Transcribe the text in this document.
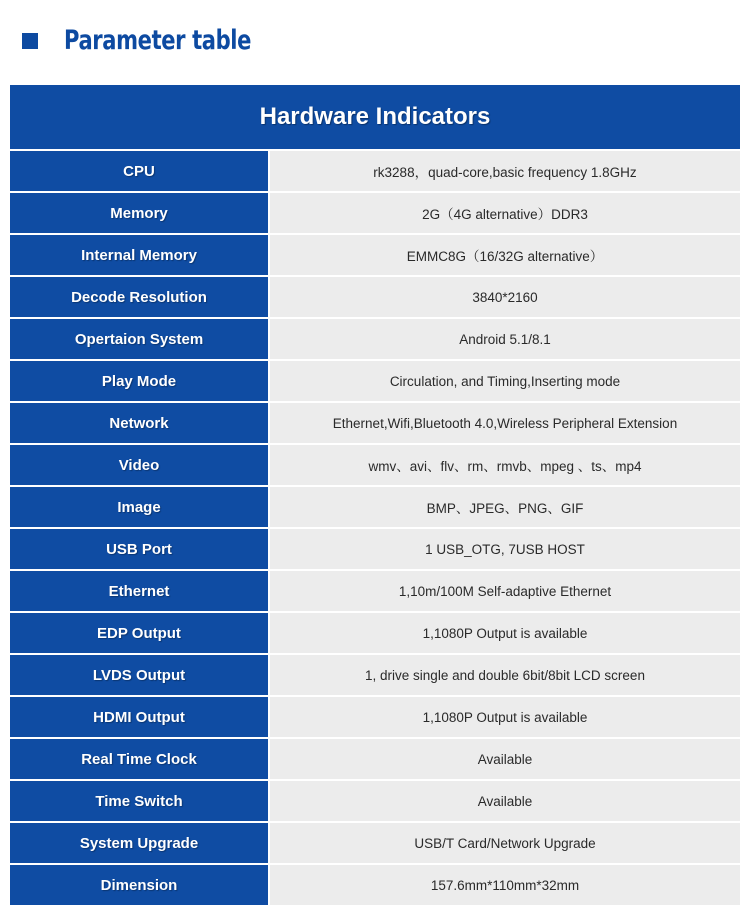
Parameter table
Hardware Indicators
CPU	rk3288，quad-core,basic frequency 1.8GHz
Memory	2G（4G alternative）DDR3
Internal Memory	EMMC8G（16/32G alternative）
Decode Resolution	3840*2160
Opertaion System	Android 5.1/8.1
Play Mode	Circulation, and Timing,Inserting mode
Network	Ethernet,Wifi,Bluetooth 4.0,Wireless Peripheral Extension
Video	wmv、avi、flv、rm、rmvb、mpeg 、ts、mp4
Image	BMP、JPEG、PNG、GIF
USB Port	1 USB_OTG, 7USB HOST
Ethernet	1,10m/100M Self-adaptive Ethernet
EDP Output	1,1080P Output is available
LVDS Output	1, drive single and double 6bit/8bit LCD screen
HDMI Output	1,1080P Output is available
Real Time Clock	Available
Time Switch	Available
System Upgrade	USB/T Card/Network Upgrade
Dimension	157.6mm*110mm*32mm
